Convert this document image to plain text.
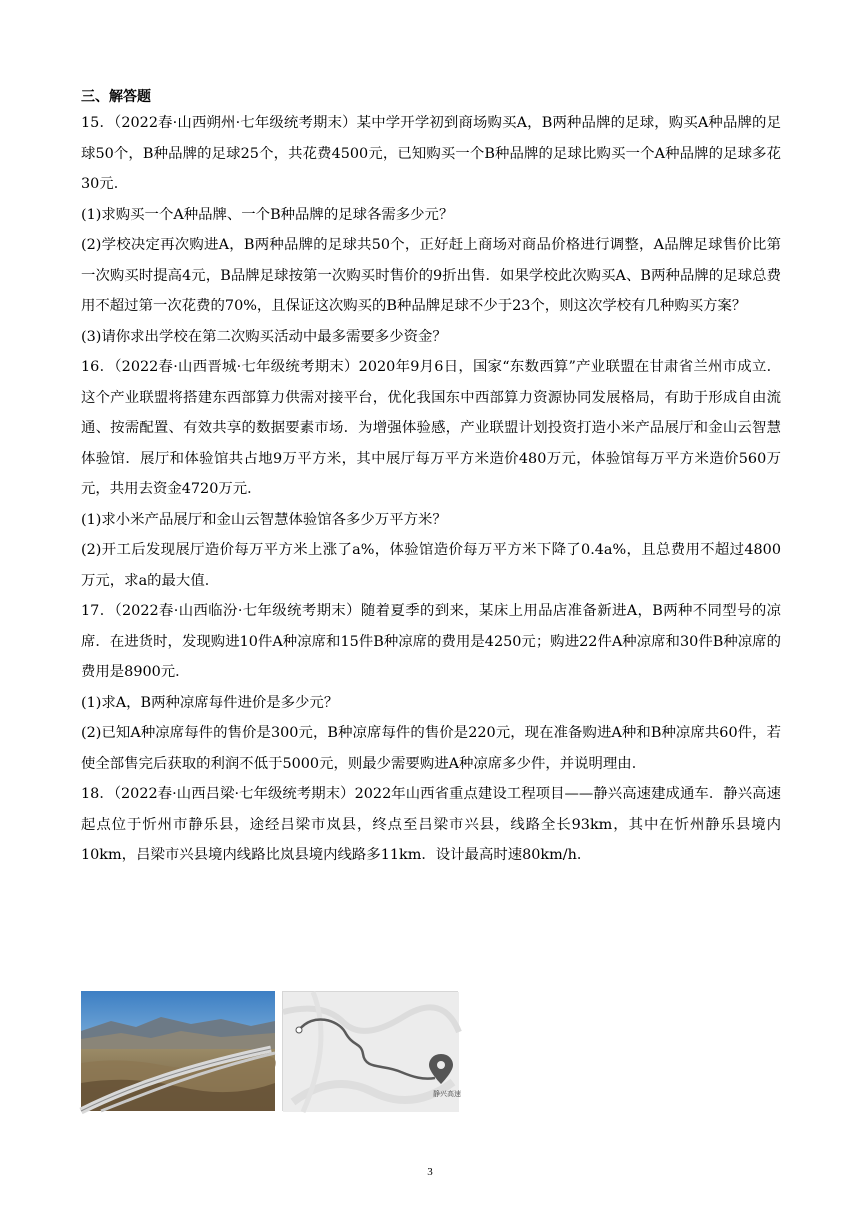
三、解答题

15．（2022春·山西朔州·七年级统考期末）某中学开学初到商场购买A，B两种品牌的足球，购买A种品牌的足球50个，B种品牌的足球25个，共花费4500元，已知购买一个B种品牌的足球比购买一个A种品牌的足球多花30元．

(1)求购买一个A种品牌、一个B种品牌的足球各需多少元？

(2)学校决定再次购进A，B两种品牌的足球共50个，正好赶上商场对商品价格进行调整，A品牌足球售价比第一次购买时提高4元，B品牌足球按第一次购买时售价的9折出售．如果学校此次购买A、B两种品牌的足球总费用不超过第一次花费的70%，且保证这次购买的B种品牌足球不少于23个，则这次学校有几种购买方案？

(3)请你求出学校在第二次购买活动中最多需要多少资金？

16．（2022春·山西晋城·七年级统考期末）2020年9月6日，国家“东数西算”产业联盟在甘肃省兰州市成立．这个产业联盟将搭建东西部算力供需对接平台，优化我国东中西部算力资源协同发展格局，有助于形成自由流通、按需配置、有效共享的数据要素市场．为增强体验感，产业联盟计划投资打造小米产品展厅和金山云智慧体验馆．展厅和体验馆共占地9万平方米，其中展厅每万平方米造价480万元，体验馆每万平方米造价560万元，共用去资金4720万元．

(1)求小米产品展厅和金山云智慧体验馆各多少万平方米？

(2)开工后发现展厅造价每万平方米上涨了a%，体验馆造价每万平方米下降了0.4a%，且总费用不超过4800万元，求a的最大值．

17．（2022春·山西临汾·七年级统考期末）随着夏季的到来，某床上用品店准备新进A，B两种不同型号的凉席．在进货时，发现购进10件A种凉席和15件B种凉席的费用是4250元；购进22件A种凉席和30件B种凉席的费用是8900元．

(1)求A，B两种凉席每件进价是多少元？

(2)已知A种凉席每件的售价是300元，B种凉席每件的售价是220元，现在准备购进A种和B种凉席共60件，若使全部售完后获取的利润不低于5000元，则最少需要购进A种凉席多少件，并说明理由．

18．（2022春·山西吕梁·七年级统考期末）2022年山西省重点建设工程项目——静兴高速建成通车．静兴高速起点位于忻州市静乐县，途经吕梁市岚县，终点至吕梁市兴县，线路全长93km，其中在忻州静乐县境内10km，吕梁市兴县境内线路比岚县境内线路多11km．设计最高时速80km/h．

静兴高速
3
